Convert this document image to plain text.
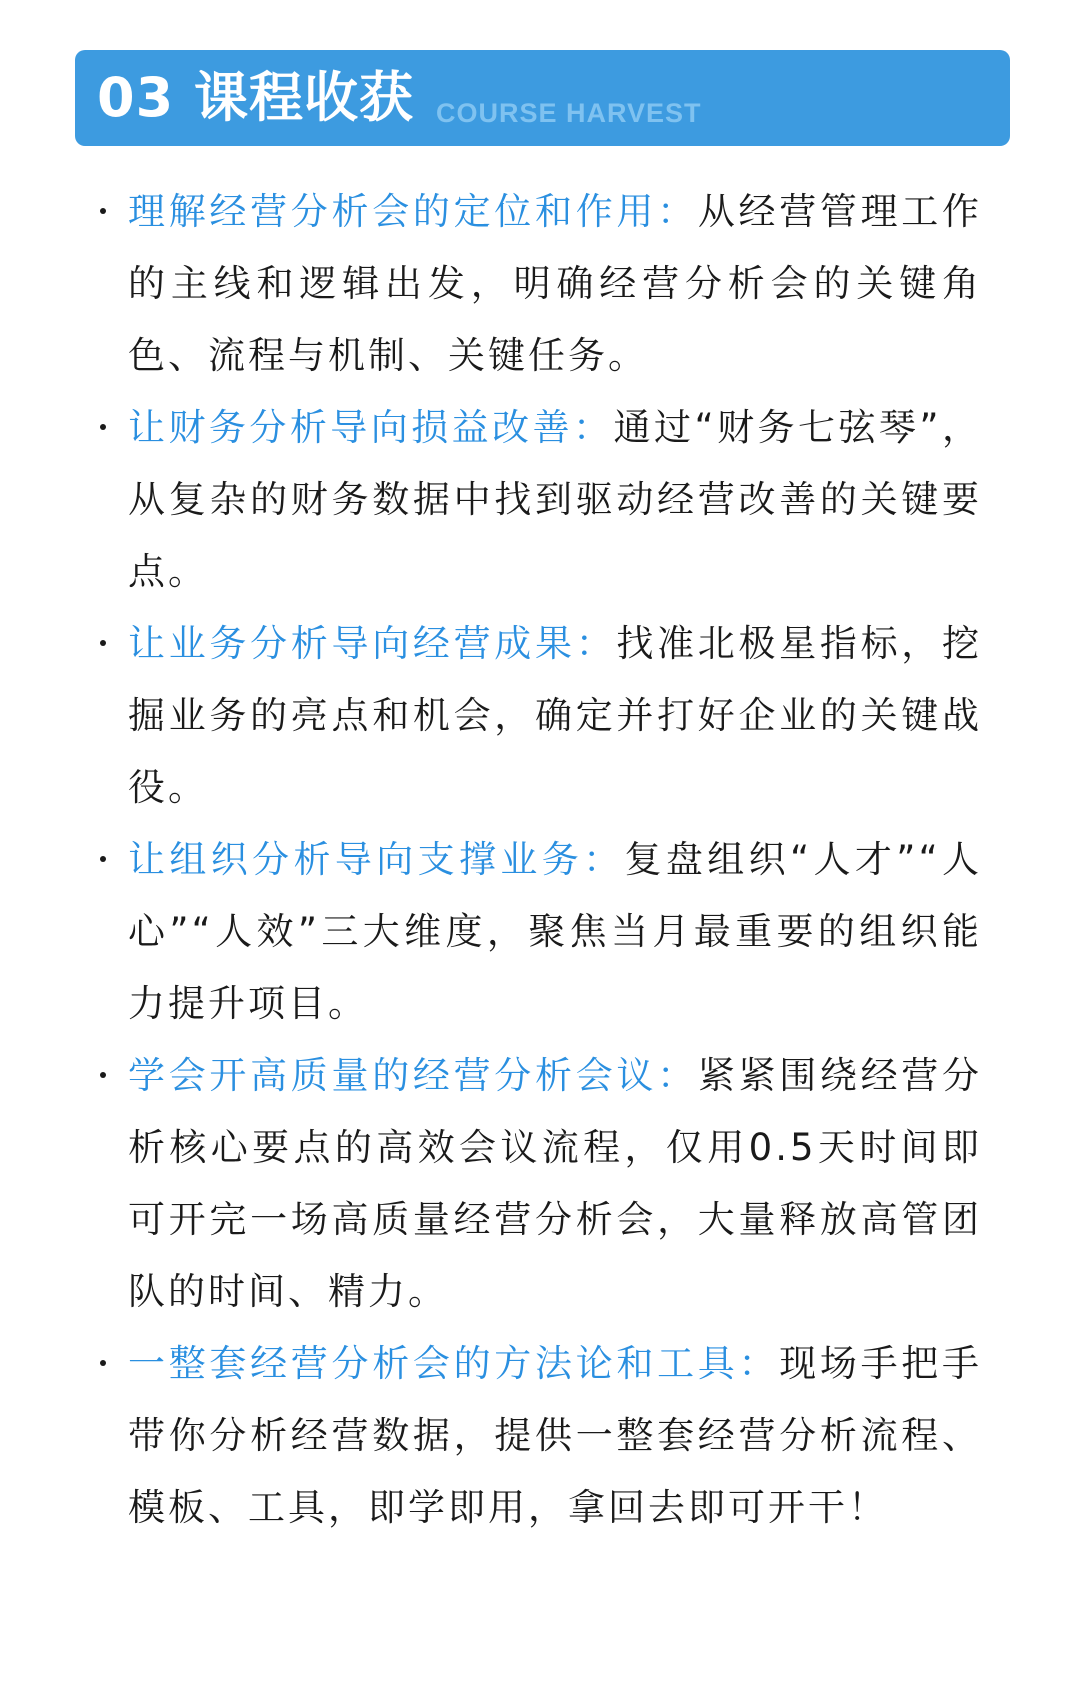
03 课程收获 COURSE HARVEST
理解经营分析会的定位和作用：从经营管理工作的主线和逻辑出发，明确经营分析会的关键角色、流程与机制、关键任务。
让财务分析导向损益改善：通过“财务七弦琴”，从复杂的财务数据中找到驱动经营改善的关键要点。
让业务分析导向经营成果：找准北极星指标，挖掘业务的亮点和机会，确定并打好企业的关键战役。
让组织分析导向支撑业务：复盘组织“人才”“人心”“人效”三大维度，聚焦当月最重要的组织能力提升项目。
学会开高质量的经营分析会议：紧紧围绕经营分析核心要点的高效会议流程，仅用0.5天时间即可开完一场高质量经营分析会，大量释放高管团队的时间、精力。
一整套经营分析会的方法论和工具：现场手把手带你分析经营数据，提供一整套经营分析流程、模板、工具，即学即用，拿回去即可开干！
